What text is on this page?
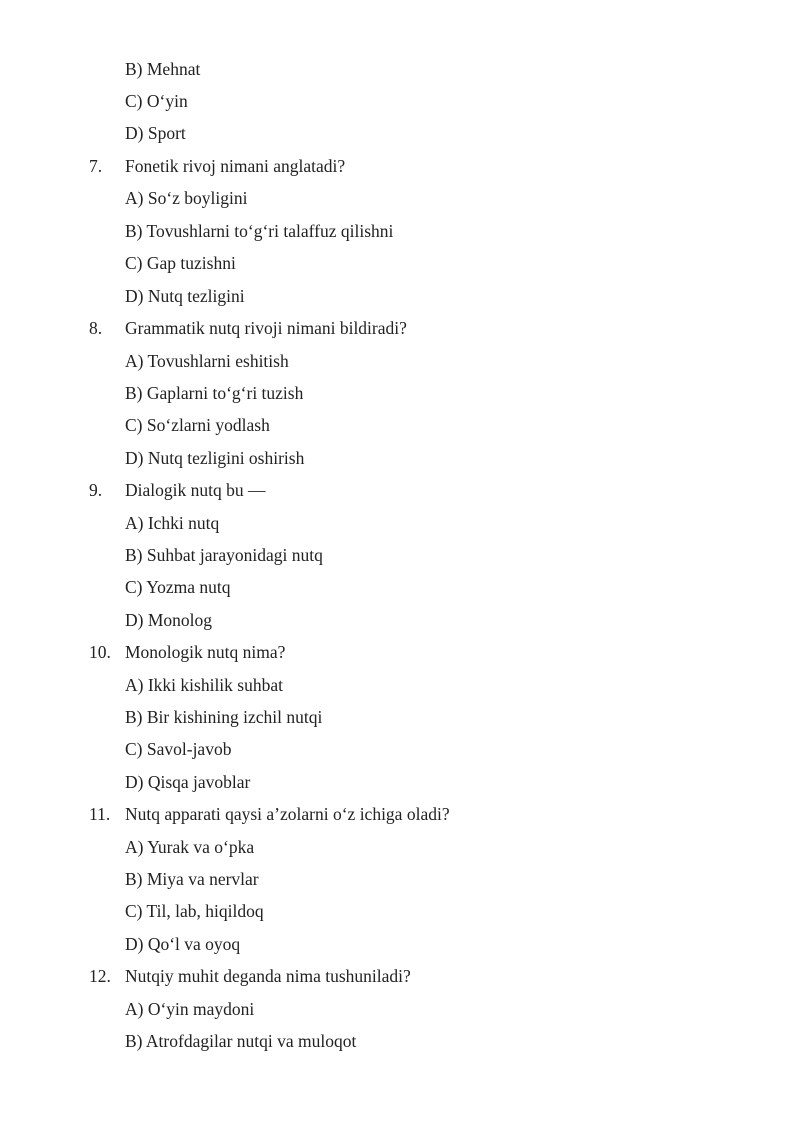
B) Mehnat
C) O‘yin
D) Sport
7. Fonetik rivoj nimani anglatadi?
A) So‘z boyligini
B) Tovushlarni to‘g‘ri talaffuz qilishni
C) Gap tuzishni
D) Nutq tezligini
8. Grammatik nutq rivoji nimani bildiradi?
A) Tovushlarni eshitish
B) Gaplarni to‘g‘ri tuzish
C) So‘zlarni yodlash
D) Nutq tezligini oshirish
9. Dialogik nutq bu —
A) Ichki nutq
B) Suhbat jarayonidagi nutq
C) Yozma nutq
D) Monolog
10. Monologik nutq nima?
A) Ikki kishilik suhbat
B) Bir kishining izchil nutqi
C) Savol-javob
D) Qisqa javoblar
11. Nutq apparati qaysi a’zolarni o‘z ichiga oladi?
A) Yurak va o‘pka
B) Miya va nervlar
C) Til, lab, hiqildoq
D) Qo‘l va oyoq
12. Nutqiy muhit deganda nima tushuniladi?
A) O‘yin maydoni
B) Atrofdagilar nutqi va muloqot
